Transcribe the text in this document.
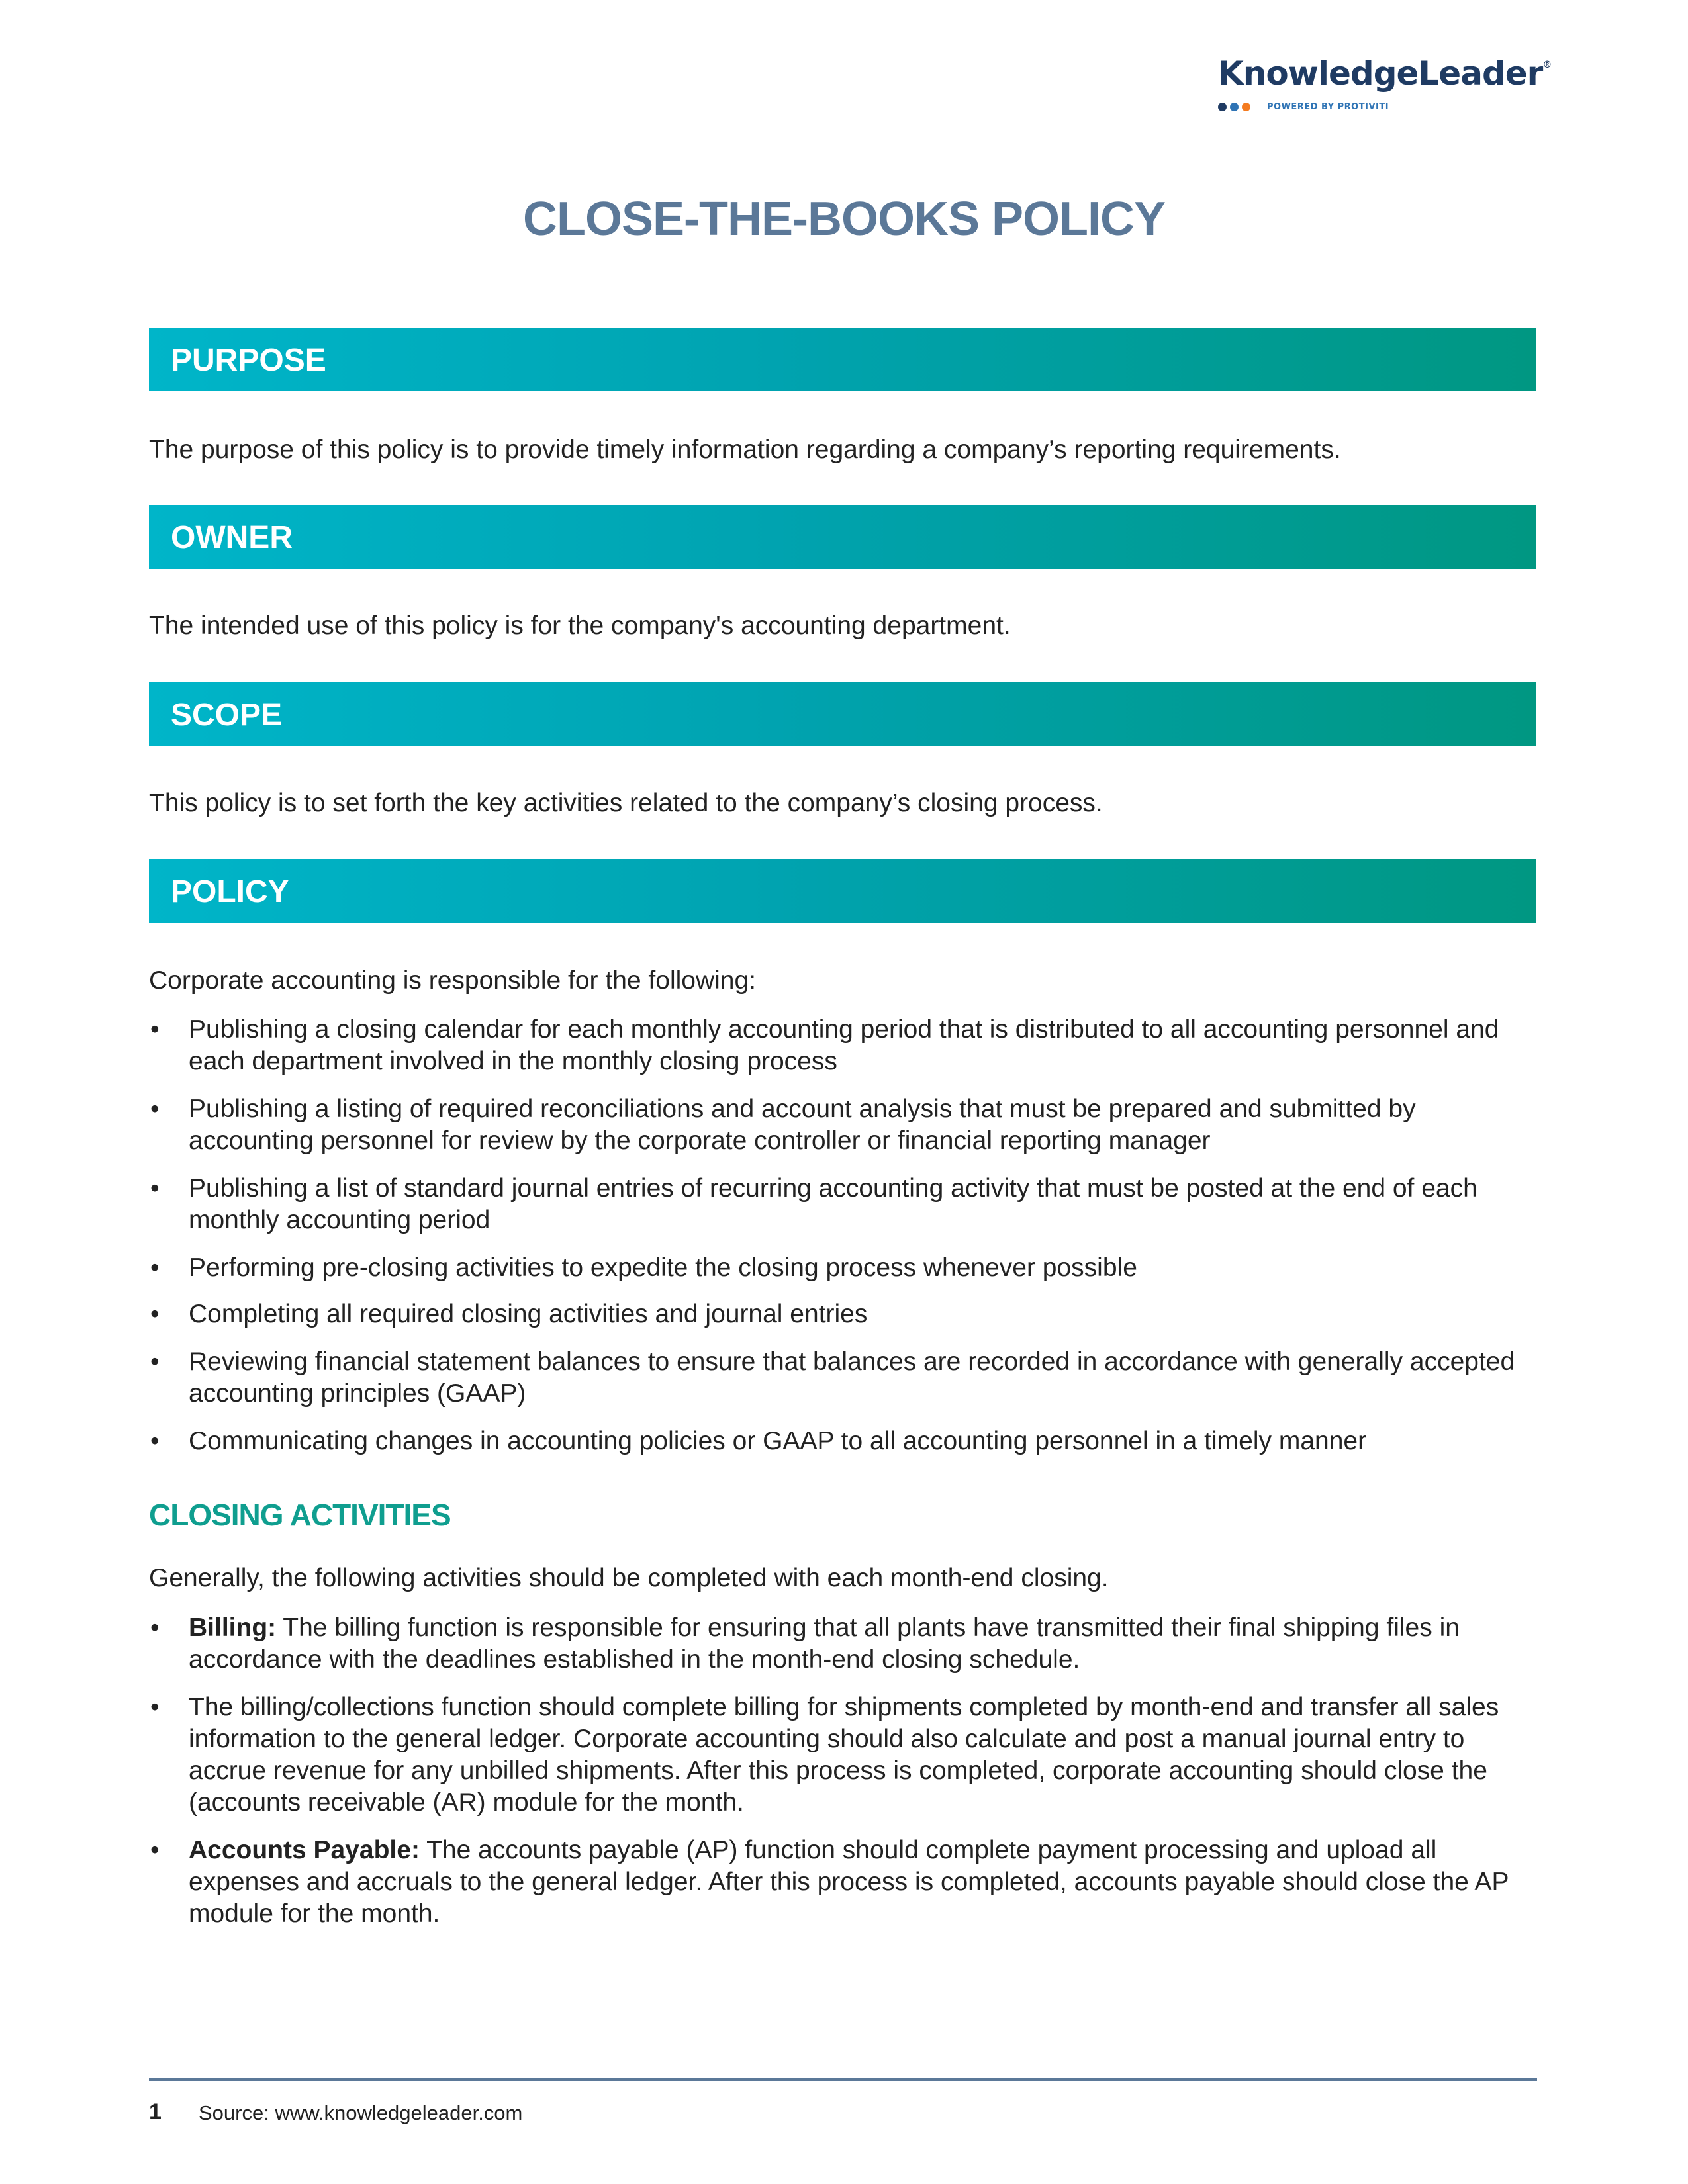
KnowledgeLeader®
POWERED BY PROTIVITI
CLOSE-THE-BOOKS POLICY
PURPOSE
The purpose of this policy is to provide timely information regarding a company’s reporting requirements.
OWNER
The intended use of this policy is for the company's accounting department.
SCOPE
This policy is to set forth the key activities related to the company’s closing process.
POLICY
Corporate accounting is responsible for the following:
• Publishing a closing calendar for each monthly accounting period that is distributed to all accounting personnel and each department involved in the monthly closing process
• Publishing a listing of required reconciliations and account analysis that must be prepared and submitted by accounting personnel for review by the corporate controller or financial reporting manager
• Publishing a list of standard journal entries of recurring accounting activity that must be posted at the end of each monthly accounting period
• Performing pre-closing activities to expedite the closing process whenever possible
• Completing all required closing activities and journal entries
• Reviewing financial statement balances to ensure that balances are recorded in accordance with generally accepted accounting principles (GAAP)
• Communicating changes in accounting policies or GAAP to all accounting personnel in a timely manner
CLOSING ACTIVITIES
Generally, the following activities should be completed with each month-end closing.
• Billing: The billing function is responsible for ensuring that all plants have transmitted their final shipping files in accordance with the deadlines established in the month-end closing schedule.
• The billing/collections function should complete billing for shipments completed by month-end and transfer all sales information to the general ledger. Corporate accounting should also calculate and post a manual journal entry to accrue revenue for any unbilled shipments. After this process is completed, corporate accounting should close the (accounts receivable (AR) module for the month.
• Accounts Payable: The accounts payable (AP) function should complete payment processing and upload all expenses and accruals to the general ledger. After this process is completed, accounts payable should close the AP module for the month.
1 Source: www.knowledgeleader.com
